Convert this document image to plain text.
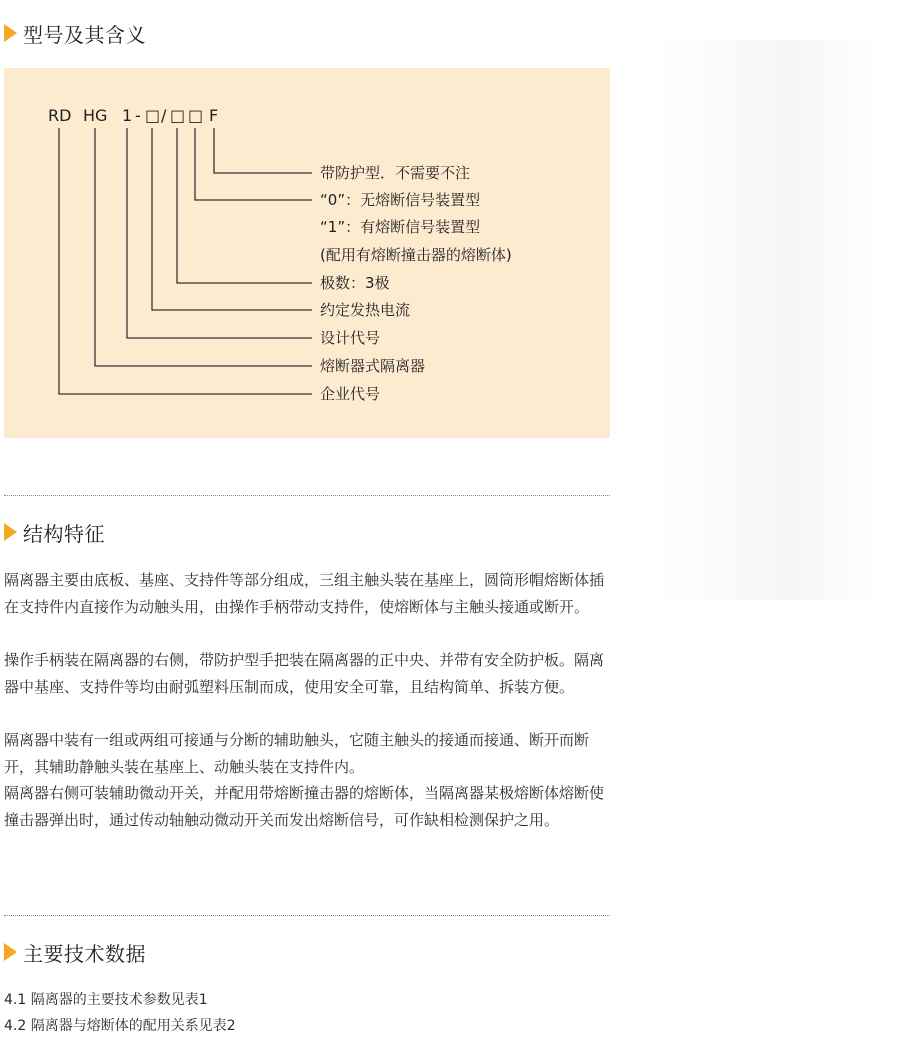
型号及其含义
RD HG 1 - □ / □ □ F
带防护型．不需要不注
“0”：无熔断信号装置型
“1”：有熔断信号装置型
(配用有熔断撞击器的熔断体)
极数：3极
约定发热电流
设计代号
熔断器式隔离器
企业代号
结构特征

隔离器主要由底板、基座、支持件等部分组成，三组主触头装在基座上，圆筒形帽熔断体插在支持件内直接作为动触头用，由操作手柄带动支持件，使熔断体与主触头接通或断开。

操作手柄装在隔离器的右侧，带防护型手把装在隔离器的正中央、并带有安全防护板。隔离器中基座、支持件等均由耐弧塑料压制而成，使用安全可靠，且结构简单、拆装方便。

隔离器中装有一组或两组可接通与分断的辅助触头，它随主触头的接通而接通、断开而断开，其辅助静触头装在基座上、动触头装在支持件内。

隔离器右侧可装辅助微动开关，并配用带熔断撞击器的熔断体，当隔离器某极熔断体熔断使撞击器弹出时，通过传动轴触动微动开关而发出熔断信号，可作缺相检测保护之用。

主要技术数据
4.1 隔离器的主要技术参数见表1
4.2 隔离器与熔断体的配用关系见表2
